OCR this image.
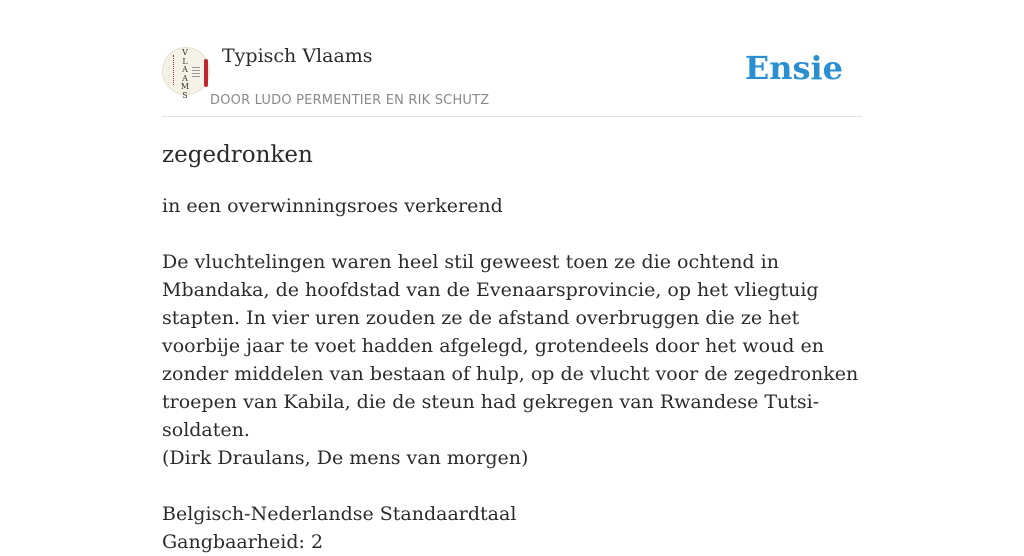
V
L
A
A
M
S
Typisch Vlaams
DOOR LUDO PERMENTIER EN RIK SCHUTZ
Ensie
zegedronken
in een overwinningsroes verkerend
De vluchtelingen waren heel stil geweest toen ze die ochtend in Mbandaka, de hoofdstad van de Evenaarsprovincie, op het vliegtuig stapten. In vier uren zouden ze de afstand overbruggen die ze het voorbije jaar te voet hadden afgelegd, grotendeels door het woud en zonder middelen van bestaan of hulp, op de vlucht voor de zegedronken troepen van Kabila, die de steun had gekregen van Rwandese Tutsi-soldaten.
(Dirk Draulans, De mens van morgen)
Belgisch-Nederlandse Standaardtaal
Gangbaarheid: 2
